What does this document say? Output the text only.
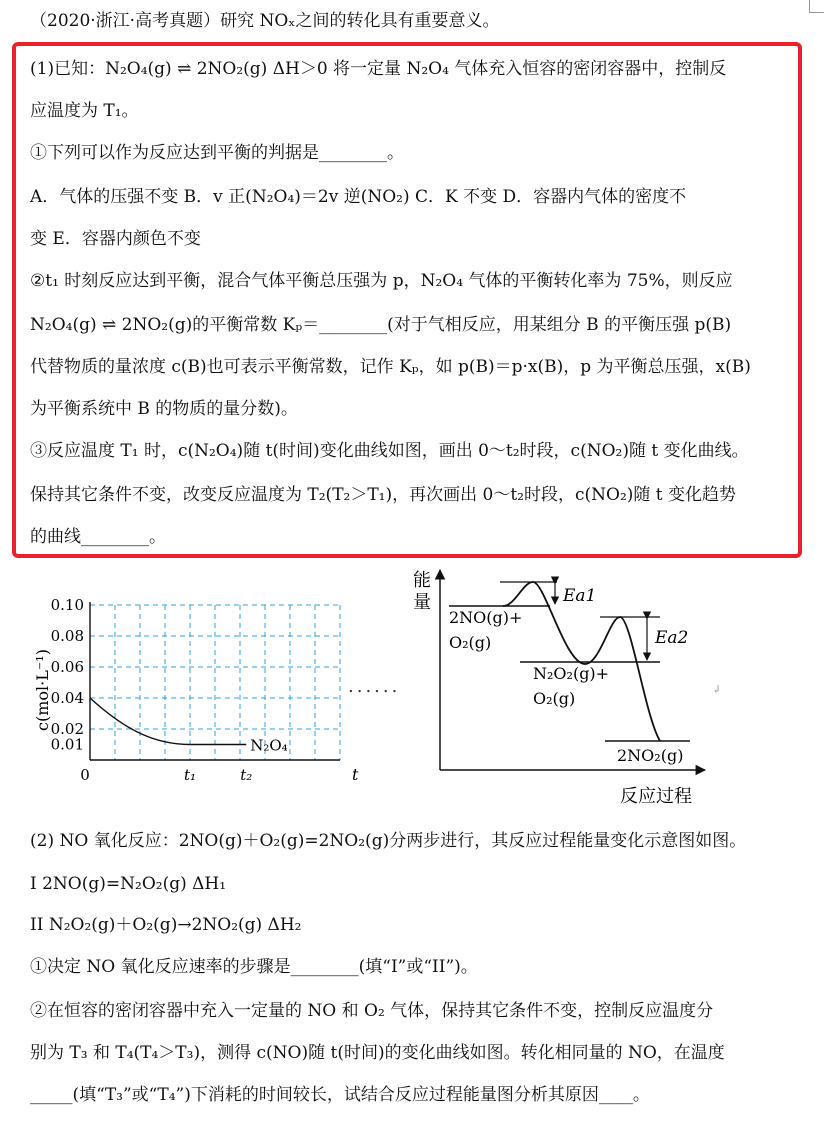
（2020·浙江·高考真题）研究 NOₓ之间的转化具有重要意义。
(1)已知：N₂O₄(g) ⇌ 2NO₂(g) ΔH＞0 将一定量 N₂O₄ 气体充入恒容的密闭容器中，控制反
应温度为 T₁。
①下列可以作为反应达到平衡的判据是________。
A．气体的压强不变 B．v 正(N₂O₄)＝2v 逆(NO₂) C．K 不变 D．容器内气体的密度不
变 E．容器内颜色不变
②t₁ 时刻反应达到平衡，混合气体平衡总压强为 p，N₂O₄ 气体的平衡转化率为 75%，则反应
N₂O₄(g) ⇌ 2NO₂(g)的平衡常数 Kₚ＝________(对于气相反应，用某组分 B 的平衡压强 p(B)
代替物质的量浓度 c(B)也可表示平衡常数，记作 Kₚ，如 p(B)＝p·x(B)，p 为平衡总压强，x(B)
为平衡系统中 B 的物质的量分数)。
③反应温度 T₁ 时，c(N₂O₄)随 t(时间)变化曲线如图，画出 0～t₂时段，c(NO₂)随 t 变化曲线。
保持其它条件不变，改变反应温度为 T₂(T₂＞T₁)，再次画出 0～t₂时段，c(NO₂)随 t 变化趋势
的曲线________。
c(mol·L⁻¹)
0.10
0.08
0.06
0.04
0.02
0.01
0	t₁	t₂
N₂O₄
t
......
能
量
反应过程
Ea1
Ea2
2NO(g)+
O₂(g)
N₂O₂(g)+
O₂(g)
2NO₂(g)
↲
(2) NO 氧化反应：2NO(g)＋O₂(g)=2NO₂(g)分两步进行，其反应过程能量变化示意图如图。
I 2NO(g)=N₂O₂(g) ΔH₁
II N₂O₂(g)＋O₂(g)→2NO₂(g) ΔH₂
①决定 NO 氧化反应速率的步骤是________(填“I”或“II”)。
②在恒容的密闭容器中充入一定量的 NO 和 O₂ 气体，保持其它条件不变，控制反应温度分
别为 T₃ 和 T₄(T₄＞T₃)，测得 c(NO)随 t(时间)的变化曲线如图。转化相同量的 NO，在温度
_____(填“T₃”或“T₄”)下消耗的时间较长，试结合反应过程能量图分析其原因____。
